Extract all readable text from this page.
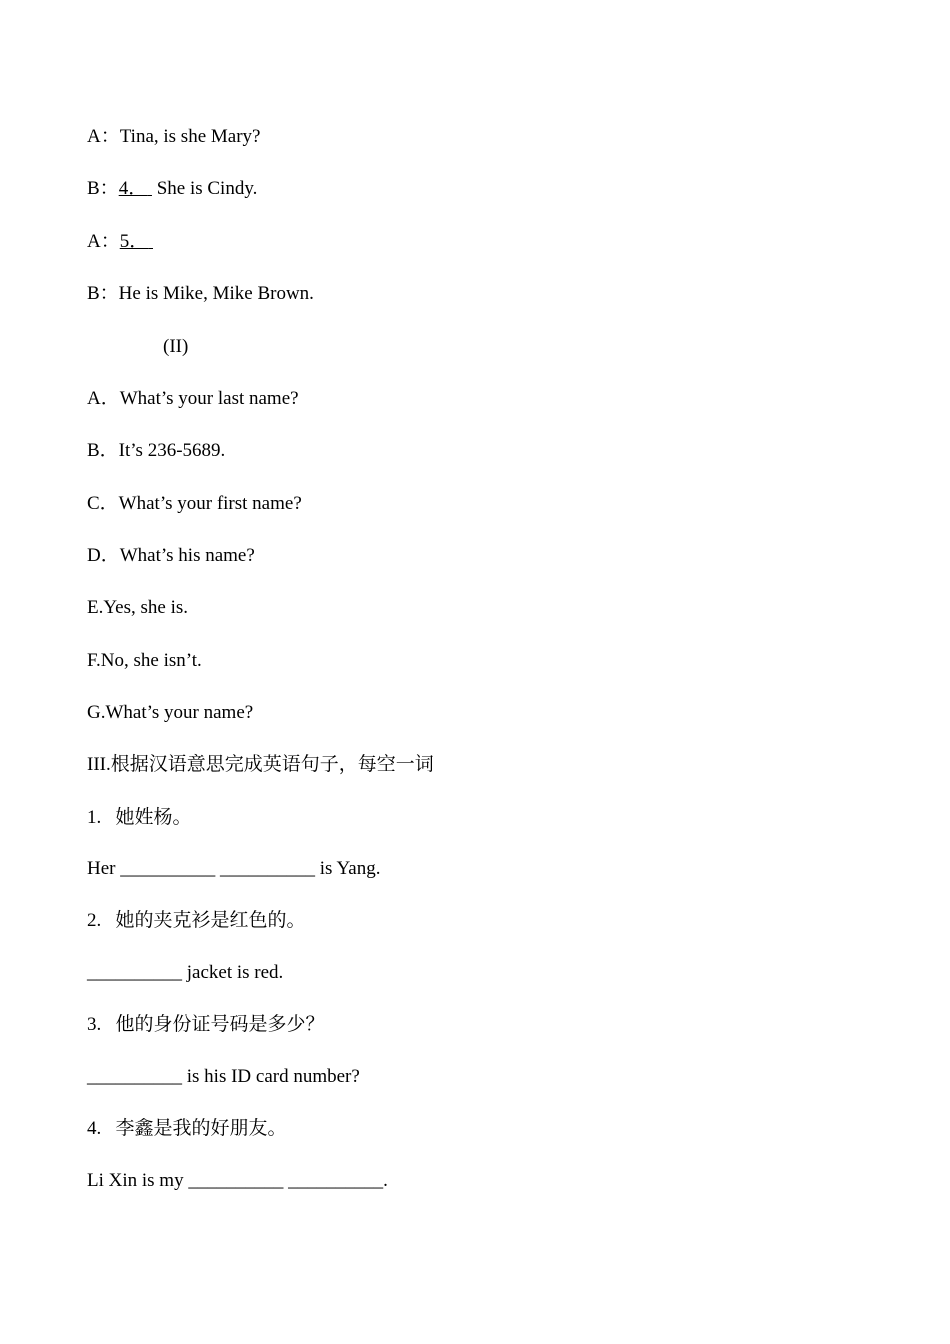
A：Tina, is she Mary?
B：4．  She is Cindy.
A：5．
B：He is Mike, Mike Brown.
(II)
A．What’s your last name?
B．It’s 236-5689.
C．What’s your first name?
D．What’s his name?
E.Yes, she is.
F.No, she isn’t.
G.What’s your name?
III.根据汉语意思完成英语句子，每空一词
1.   她姓杨。
Her __________ __________ is Yang.
2.   她的夹克衫是红色的。
__________ jacket is red.
3.   他的身份证号码是多少？
__________ is his ID card number?
4.   李鑫是我的好朋友。
Li Xin is my __________ __________.
